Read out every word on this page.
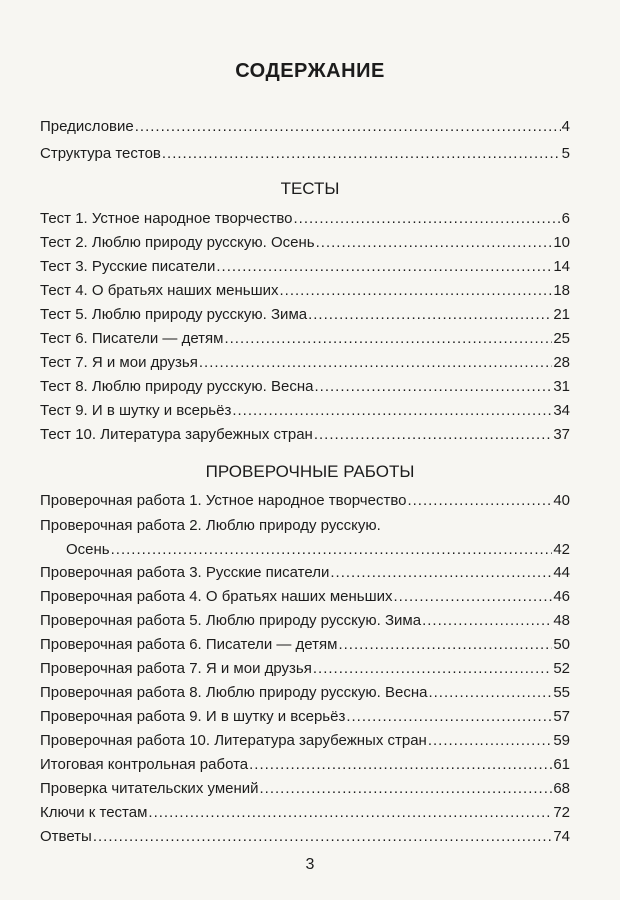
СОДЕРЖАНИЕ
Предисловие .....	4
Структура тестов .....	5
ТЕСТЫ
Тест 1. Устное народное творчество .....	6
Тест 2. Люблю природу русскую. Осень .....	10
Тест 3. Русские писатели .....	14
Тест 4. О братьях наших меньших .....	18
Тест 5. Люблю природу русскую. Зима .....	21
Тест 6. Писатели — детям .....	25
Тест 7. Я и мои друзья .....	28
Тест 8. Люблю природу русскую. Весна .....	31
Тест 9. И в шутку и всерьёз .....	34
Тест 10. Литература зарубежных стран .....	37
ПРОВЕРОЧНЫЕ РАБОТЫ
Проверочная работа 1. Устное народное творчество .....	40
Проверочная работа 2. Люблю природу русскую.
Осень .....	42
Проверочная работа 3. Русские писатели .....	44
Проверочная работа 4. О братьях наших меньших .....	46
Проверочная работа 5. Люблю природу русскую. Зима .....	48
Проверочная работа 6. Писатели — детям .....	50
Проверочная работа 7. Я и мои друзья .....	52
Проверочная работа 8. Люблю природу русскую. Весна .....	55
Проверочная работа 9. И в шутку и всерьёз .....	57
Проверочная работа 10. Литература зарубежных стран .....	59
Итоговая контрольная работа .....	61
Проверка читательских умений .....	68
Ключи к тестам .....	72
Ответы .....	74
3
